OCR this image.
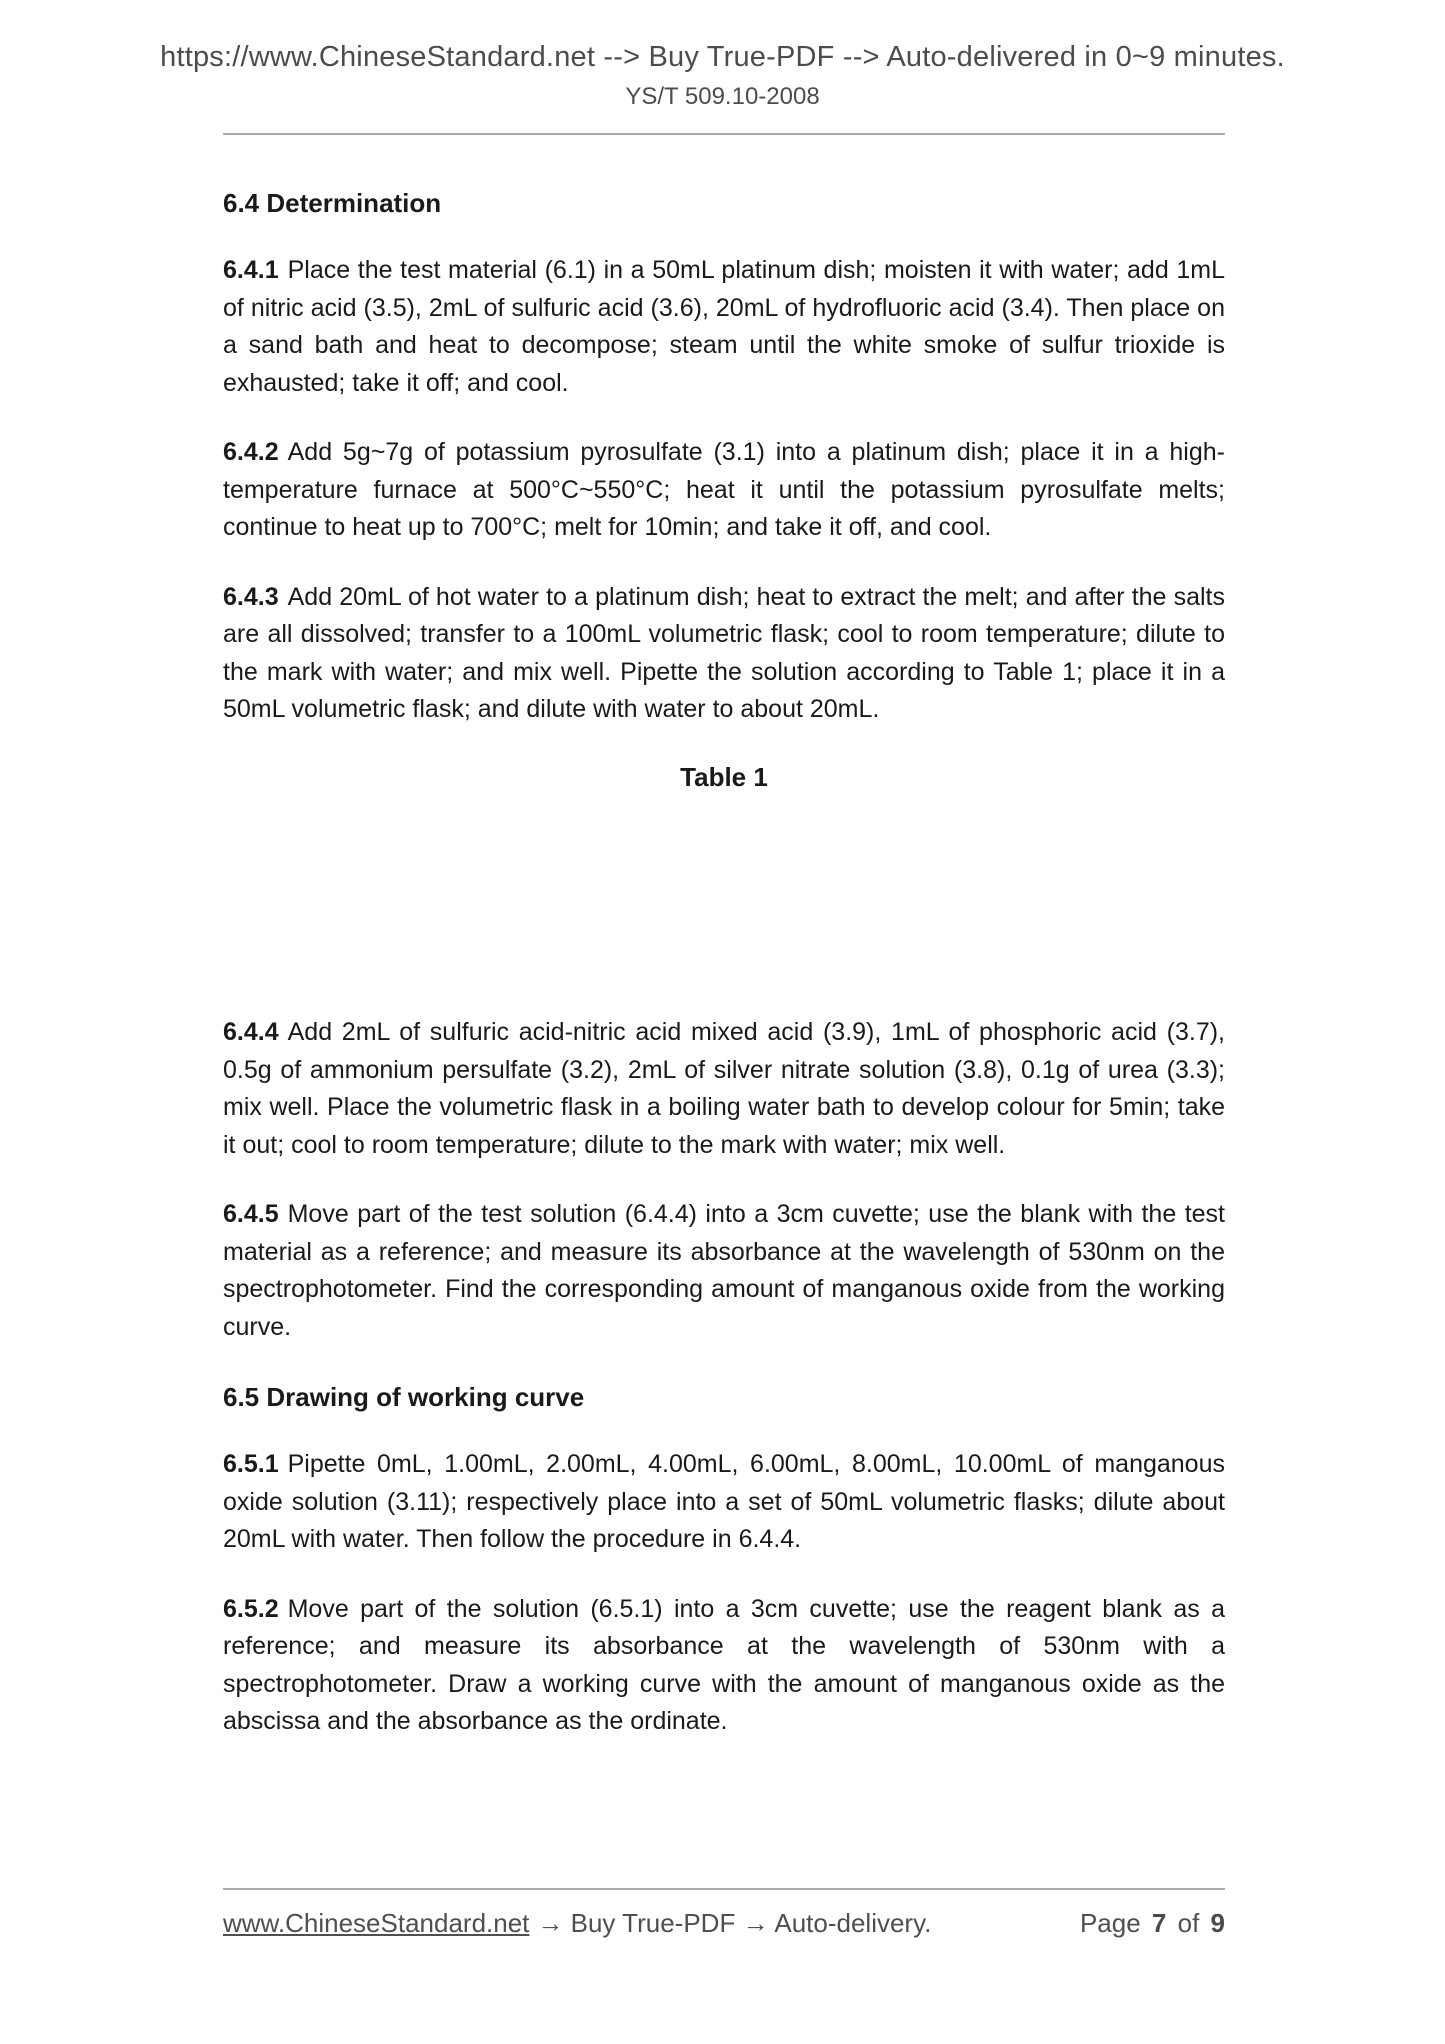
https://www.ChineseStandard.net --> Buy True-PDF --> Auto-delivered in 0~9 minutes.
YS/T 509.10-2008
6.4 Determination

6.4.1 Place the test material (6.1) in a 50mL platinum dish; moisten it with water; add 1mL of nitric acid (3.5), 2mL of sulfuric acid (3.6), 20mL of hydrofluoric acid (3.4). Then place on a sand bath and heat to decompose; steam until the white smoke of sulfur trioxide is exhausted; take it off; and cool.

6.4.2 Add 5g~7g of potassium pyrosulfate (3.1) into a platinum dish; place it in a high-temperature furnace at 500°C~550°C; heat it until the potassium pyrosulfate melts; continue to heat up to 700°C; melt for 10min; and take it off, and cool.

6.4.3 Add 20mL of hot water to a platinum dish; heat to extract the melt; and after the salts are all dissolved; transfer to a 100mL volumetric flask; cool to room temperature; dilute to the mark with water; and mix well. Pipette the solution according to Table 1; place it in a 50mL volumetric flask; and dilute with water to about 20mL.

Table 1

6.4.4 Add 2mL of sulfuric acid-nitric acid mixed acid (3.9), 1mL of phosphoric acid (3.7), 0.5g of ammonium persulfate (3.2), 2mL of silver nitrate solution (3.8), 0.1g of urea (3.3); mix well. Place the volumetric flask in a boiling water bath to develop colour for 5min; take it out; cool to room temperature; dilute to the mark with water; mix well.

6.4.5 Move part of the test solution (6.4.4) into a 3cm cuvette; use the blank with the test material as a reference; and measure its absorbance at the wavelength of 530nm on the spectrophotometer. Find the corresponding amount of manganous oxide from the working curve.

6.5 Drawing of working curve

6.5.1 Pipette 0mL, 1.00mL, 2.00mL, 4.00mL, 6.00mL, 8.00mL, 10.00mL of manganous oxide solution (3.11); respectively place into a set of 50mL volumetric flasks; dilute about 20mL with water. Then follow the procedure in 6.4.4.

6.5.2 Move part of the solution (6.5.1) into a 3cm cuvette; use the reagent blank as a reference; and measure its absorbance at the wavelength of 530nm with a spectrophotometer. Draw a working curve with the amount of manganous oxide as the abscissa and the absorbance as the ordinate.

www.ChineseStandard.net → Buy True-PDF → Auto-delivery.	Page 7 of 9
